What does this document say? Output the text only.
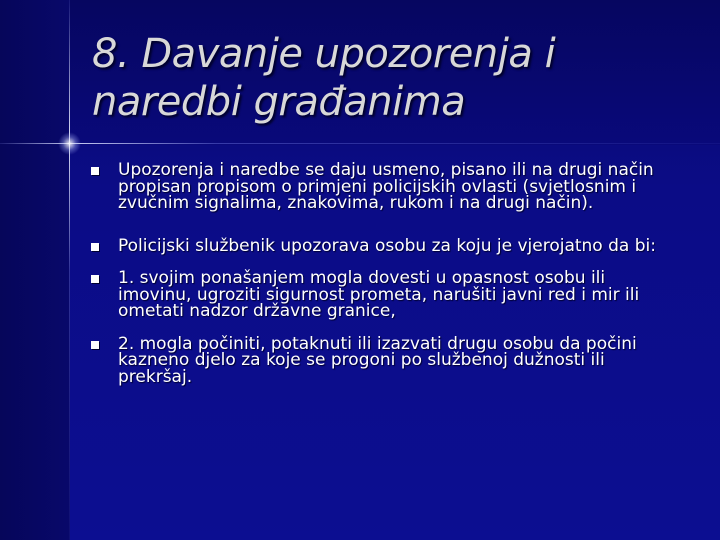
8. Davanje upozorenja i naredbi građanima
Upozorenja i naredbe se daju usmeno, pisano ili na drugi način propisan propisom o primjeni policijskih ovlasti (svjetlosnim i zvučnim signalima, znakovima, rukom i na drugi način).
Policijski službenik upozorava osobu za koju je vjerojatno da bi:
1. svojim ponašanjem mogla dovesti u opasnost osobu ili imovinu, ugroziti sigurnost prometa, narušiti javni red i mir ili ometati nadzor državne granice,
2. mogla počiniti, potaknuti ili izazvati drugu osobu da počini kazneno djelo za koje se progoni po službenoj dužnosti ili prekršaj.
